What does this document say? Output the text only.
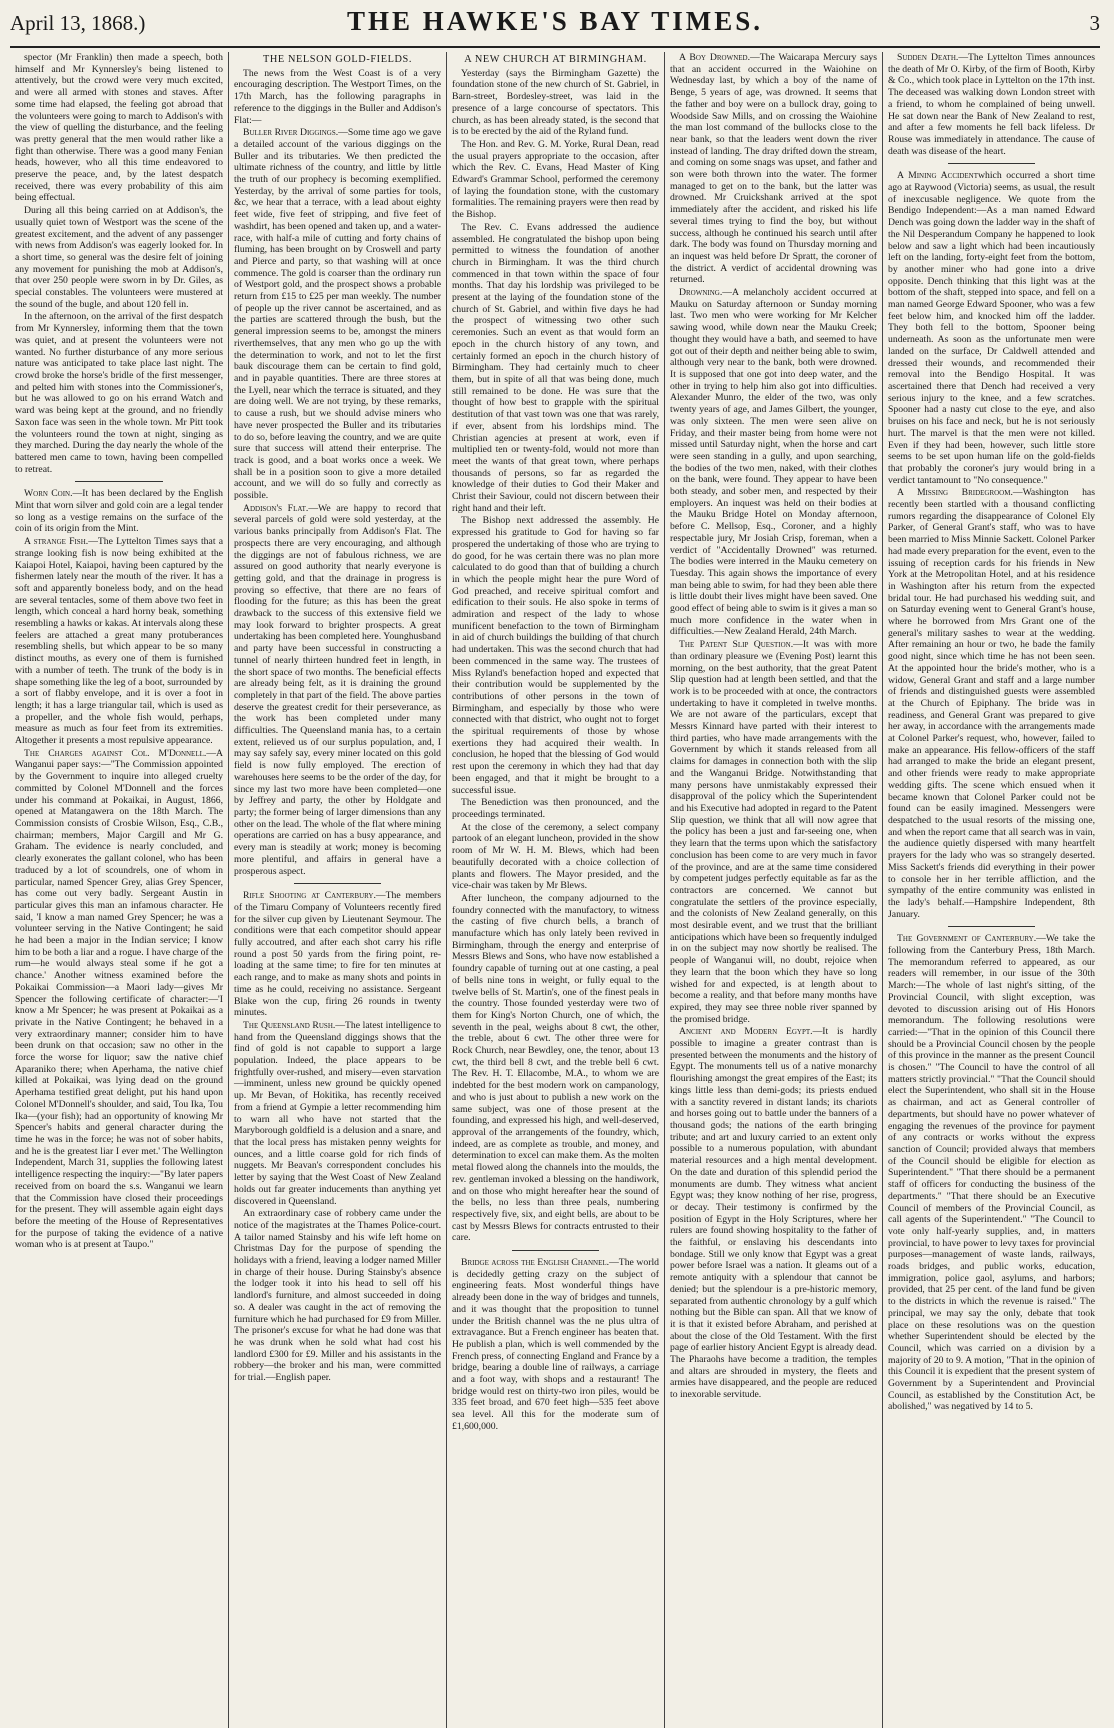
April 13, 1868.)	THE HAWKE'S BAY TIMES.	3

spector (Mr Franklin) then made a speech, both himself and Mr Kynnersley's being listened to attentively, but the crowd were very much excited, and were all armed with stones and staves. After some time had elapsed, the feeling got abroad that the volunteers were going to march to Addison's with the view of quelling the disturbance, and the feeling was pretty general that the men would rather like a fight than otherwise. There was a good many Fenian heads, however, who all this time endeavored to preserve the peace, and, by the latest despatch received, there was every probability of this aim being effectual.

During all this being carried on at Addison's, the usually quiet town of Westport was the scene of the greatest excitement, and the advent of any passenger with news from Addison's was eagerly looked for. In a short time, so general was the desire felt of joining any movement for punishing the mob at Addison's, that over 250 people were sworn in by Dr. Giles, as special constables. The volunteers were mustered at the sound of the bugle, and about 120 fell in.

In the afternoon, on the arrival of the first despatch from Mr Kynnersley, informing them that the town was quiet, and at present the volunteers were not wanted. No further disturbance of any more serious nature was anticipated to take place last night. The crowd broke the horse's bridle of the first messenger, and pelted him with stones into the Commissioner's, but he was allowed to go on his errand Watch and ward was being kept at the ground, and no friendly Saxon face was seen in the whole town. Mr Pitt took the volunteers round the town at night, singing as they marched. During the day nearly the whole of the battered men came to town, having been compelled to retreat.

Worn Coin.—It has been declared by the English Mint that worn silver and gold coin are a legal tender so long as a vestige remains on the surface of the coin of its origin from the Mint.

A strange Fish.—The Lyttelton Times says that a strange looking fish is now being exhibited at the Kaiapoi Hotel, Kaiapoi, having been captured by the fishermen lately near the mouth of the river. It has a soft and apparently boneless body, and on the head are several tentacles, some of them above two feet in length, which conceal a hard horny beak, something resembling a hawks or kakas. At intervals along these feelers are attached a great many protuberances resembling shells, but which appear to be so many distinct mouths, as every one of them is furnished with a number of teeth. The trunk of the body is in shape something like the leg of a boot, surrounded by a sort of flabby envelope, and it is over a foot in length; it has a large triangular tail, which is used as a propeller, and the whole fish would, perhaps, measure as much as four feet from its extremities. Altogether it presents a most repulsive appearance.

The Charges against Col. M'Donnell.—A Wanganui paper says:—"The Commission appointed by the Government to inquire into alleged cruelty committed by Colonel M'Donnell and the forces under his command at Pokaikai, in August, 1866, opened at Matangawera on the 18th March. The Commission consists of Crosbie Wilson, Esq., C.B., chairman; members, Major Cargill and Mr G. Graham. The evidence is nearly concluded, and clearly exonerates the gallant colonel, who has been traduced by a lot of scoundrels, one of whom in particular, named Spencer Grey, alias Grey Spencer, has come out very badly. Sergeant Austin in particular gives this man an infamous character. He said, 'I know a man named Grey Spencer; he was a volunteer serving in the Native Contingent; he said he had been a major in the Indian service; I know him to be both a liar and a rogue. I have charge of the rum—he would always steal some if he got a chance.' Another witness examined before the Pokaikai Commission—a Maori lady—gives Mr Spencer the following certificate of character:—'I know a Mr Spencer; he was present at Pokaikai as a private in the Native Contingent; he behaved in a very extraordinary manner; consider him to have been drunk on that occasion; saw no other in the force the worse for liquor; saw the native chief Aparaniko there; when Aperhama, the native chief killed at Pokaikai, was lying dead on the ground Aperhama testified great delight, put his hand upon Colonel M'Donnell's shoulder, and said, Tou Ika, Tou Ika—(your fish); had an opportunity of knowing Mr Spencer's habits and general character during the time he was in the force; he was not of sober habits, and he is the greatest liar I ever met.' The Wellington Independent, March 31, supplies the following latest intelligence respecting the inquiry:—"By later papers received from on board the s.s. Wanganui we learn that the Commission have closed their proceedings for the present. They will assemble again eight days before the meeting of the House of Representatives for the purpose of taking the evidence of a native woman who is at present at Taupo."

THE NELSON GOLD-FIELDS.

The news from the West Coast is of a very encouraging description. The Westport Times, on the 17th March, has the following paragraphs in reference to the diggings in the Buller and Addison's Flat:—

Buller River Diggings.—Some time ago we gave a detailed account of the various diggings on the Buller and its tributaries. We then predicted the ultimate richness of the country, and little by little the truth of our prophecy is becoming exemplified. Yesterday, by the arrival of some parties for tools, &c, we hear that a terrace, with a lead about eighty feet wide, five feet of stripping, and five feet of washdirt, has been opened and taken up, and a water-race, with half-a mile of cutting and forty chains of fluming, has been brought on by Croswell and party and Pierce and party, so that washing will at once commence. The gold is coarser than the ordinary run of Westport gold, and the prospect shows a probable return from £15 to £25 per man weekly. The number of people up the river cannot be ascertained, and as the parties are scattered through the bush, but the general impression seems to be, amongst the miners riverthemselves, that any men who go up the with the determination to work, and not to let the first bauk discourage them can be certain to find gold, and in payable quantities. There are three stores at the Lyell, near which the terrace is situated, and they are doing well. We are not trying, by these remarks, to cause a rush, but we should advise miners who have never prospected the Buller and its tributaries to do so, before leaving the country, and we are quite sure that success will attend their enterprise. The track is good, and a boat works once a week. We shall be in a position soon to give a more detailed account, and we will do so fully and correctly as possible.

Addison's Flat.—We are happy to record that several parcels of gold were sold yesterday, at the various banks principally from Addison's Flat. The prospects there are very encouraging, and although the diggings are not of fabulous richness, we are assured on good authority that nearly everyone is getting gold, and that the drainage in progress is proving so effective, that there are no fears of flooding for the future; as this has been the great drawback to the success of this extensive field we may look forward to brighter prospects. A great undertaking has been completed here. Younghusband and party have been successful in constructing a tunnel of nearly thirteen hundred feet in length, in the short space of two months. The beneficial effects are already being felt, as it is draining the ground completely in that part of the field. The above parties deserve the greatest credit for their perseverance, as the work has been completed under many difficulties. The Queensland mania has, to a certain extent, relieved us of our surplus population, and, I may say safely say, every miner located on this gold field is now fully employed. The erection of warehouses here seems to be the order of the day, for since my last two more have been completed—one by Jeffrey and party, the other by Holdgate and party; the former being of larger dimensions than any other on the lead. The whole of the flat where mining operations are carried on has a busy appearance, and every man is steadily at work; money is becoming more plentiful, and affairs in general have a prosperous aspect.

Rifle Shooting at Canterbury.—The members of the Timaru Company of Volunteers recently fired for the silver cup given by Lieutenant Seymour. The conditions were that each competitor should appear fully accoutred, and after each shot carry his rifle round a post 50 yards from the firing point, re-loading at the same time; to fire for ten minutes at each range, and to make as many shots and points in time as he could, receiving no assistance. Sergeant Blake won the cup, firing 26 rounds in twenty minutes.

The Queensland Rush.—The latest intelligence to hand from the Queensland diggings shows that the find of gold is not capable to support a large population. Indeed, the place appears to be frightfully over-rushed, and misery—even starvation—imminent, unless new ground be quickly opened up. Mr Bevan, of Hokitika, has recently received from a friend at Gympie a letter recommending him to warn all who have not started that the Maryborough goldfield is a delusion and a snare, and that the local press has mistaken penny weights for ounces, and a little coarse gold for rich finds of nuggets. Mr Beavan's correspondent concludes his letter by saying that the West Coast of New Zealand holds out far greater inducements than anything yet discovered in Queensland.

An extraordinary case of robbery came under the notice of the magistrates at the Thames Police-court. A tailor named Stainsby and his wife left home on Christmas Day for the purpose of spending the holidays with a friend, leaving a lodger named Miller in charge of their house. During Stainsby's absence the lodger took it into his head to sell off his landlord's furniture, and almost succeeded in doing so. A dealer was caught in the act of removing the furniture which he had purchased for £9 from Miller. The prisoner's excuse for what he had done was that he was drunk when he sold what had cost his landlord £300 for £9. Miller and his assistants in the robbery—the broker and his man, were committed for trial.—English paper.

A NEW CHURCH AT BIRMINGHAM.

Yesterday (says the Birmingham Gazette) the foundation stone of the new church of St. Gabriel, in Barn-street, Bordesley-street, was laid in the presence of a large concourse of spectators. This church, as has been already stated, is the second that is to be erected by the aid of the Ryland fund.

The Hon. and Rev. G. M. Yorke, Rural Dean, read the usual prayers appropriate to the occasion, after which the Rev. C. Evans, Head Master of King Edward's Grammar School, performed the ceremony of laying the foundation stone, with the customary formalities. The remaining prayers were then read by the Bishop.

The Rev. C. Evans addressed the audience assembled. He congratulated the bishop upon being permitted to witness the foundation of another church in Birmingham. It was the third church commenced in that town within the space of four months. That day his lordship was privileged to be present at the laying of the foundation stone of the church of St. Gabriel, and within five days he had the prospect of witnessing two other such ceremonies. Such an event as that would form an epoch in the church history of any town, and certainly formed an epoch in the church history of Birmingham. They had certainly much to cheer them, but in spite of all that was being done, much still remained to be done. He was sure that the thought of how best to grapple with the spiritual destitution of that vast town was one that was rarely, if ever, absent from his lordships mind. The Christian agencies at present at work, even if multiplied ten or twenty-fold, would not more than meet the wants of that great town, where perhaps thousands of persons, so far as regarded the knowledge of their duties to God their Maker and Christ their Saviour, could not discern between their right hand and their left.

The Bishop next addressed the assembly. He expressed his gratitude to God for having so far prospered the undertaking of those who are trying to do good, for he was certain there was no plan more calculated to do good than that of building a church in which the people might hear the pure Word of God preached, and receive spiritual comfort and edification to their souls. He also spoke in terms of admiration and respect of the lady to whose munificent benefaction to the town of Birmingham in aid of church buildings the building of that church had undertaken. This was the second church that had been commenced in the same way. The trustees of Miss Ryland's benefaction hoped and expected that their contribution would be supplemented by the contributions of other persons in the town of Birmingham, and especially by those who were connected with that district, who ought not to forget the spiritual requirements of those by whose exertions they had acquired their wealth. In conclusion, he hoped that the blessing of God would rest upon the ceremony in which they had that day been engaged, and that it might be brought to a successful issue.

The Benediction was then pronounced, and the proceedings terminated.

At the close of the ceremony, a select company partook of an elegant luncheon, provided in the show room of Mr W. H. M. Blews, which had been beautifully decorated with a choice collection of plants and flowers. The Mayor presided, and the vice-chair was taken by Mr Blews.

After luncheon, the company adjourned to the foundry connected with the manufactory, to witness the casting of five church bells, a branch of manufacture which has only lately been revived in Birmingham, through the energy and enterprise of Messrs Blews and Sons, who have now established a foundry capable of turning out at one casting, a peal of bells nine tons in weight, or fully equal to the twelve bells of St. Martin's, one of the finest peals in the country. Those founded yesterday were two of them for King's Norton Church, one of which, the seventh in the peal, weighs about 8 cwt, the other, the treble, about 6 cwt. The other three were for Rock Church, near Bewdley, one, the tenor, about 13 cwt, the third bell 8 cwt, and the treble bell 6 cwt. The Rev. H. T. Ellacombe, M.A., to whom we are indebted for the best modern work on campanology, and who is just about to publish a new work on the same subject, was one of those present at the founding, and expressed his high, and well-deserved, approval of the arrangements of the foundry, which, indeed, are as complete as trouble, and money, and determination to excel can make them. As the molten metal flowed along the channels into the moulds, the rev. gentleman invoked a blessing on the handiwork, and on those who might hereafter hear the sound of the bells, no less than three peals, numbering respectively five, six, and eight bells, are about to be cast by Messrs Blews for contracts entrusted to their care.

Bridge across the English Channel.—The world is decidedly getting crazy on the subject of engineering feats. Most wonderful things have already been done in the way of bridges and tunnels, and it was thought that the proposition to tunnel under the British channel was the ne plus ultra of extravagance. But a French engineer has beaten that. He publish a plan, which is well commended by the French press, of connecting England and France by a bridge, bearing a double line of railways, a carriage and a foot way, with shops and a restaurant! The bridge would rest on thirty-two iron piles, would be 335 feet broad, and 670 feet high—535 feet above sea level. All this for the moderate sum of £1,600,000.

A Boy Drowned.—The Waicarapa Mercury says that an accident occurred in the Waiohine on Wednesday last, by which a boy of the name of Benge, 5 years of age, was drowned. It seems that the father and boy were on a bullock dray, going to Woodside Saw Mills, and on crossing the Waiohine the man lost command of the bullocks close to the near bank, so that the leaders went down the river instead of landing. The dray drifted down the stream, and coming on some snags was upset, and father and son were both thrown into the water. The former managed to get on to the bank, but the latter was drowned. Mr Cruickshank arrived at the spot immediately after the accident, and risked his life several times trying to find the boy, but without success, although he continued his search until after dark. The body was found on Thursday morning and an inquest was held before Dr Spratt, the coroner of the district. A verdict of accidental drowning was returned.

Drowning.—A melancholy accident occurred at Mauku on Saturday afternoon or Sunday morning last. Two men who were working for Mr Kelcher sawing wood, while down near the Mauku Creek; thought they would have a bath, and seemed to have got out of their depth and neither being able to swim, although very near to the bank, both were drowned. It is supposed that one got into deep water, and the other in trying to help him also got into difficulties. Alexander Munro, the elder of the two, was only twenty years of age, and James Gilbert, the younger, was only sixteen. The men were seen alive on Friday, and their master being from home were not missed until Saturday night, when the horse and cart were seen standing in a gully, and upon searching, the bodies of the two men, naked, with their clothes on the bank, were found. They appear to have been both steady, and sober men, and respected by their employers. An inquest was held on their bodies at the Mauku Bridge Hotel on Monday afternoon, before C. Mellsop, Esq., Coroner, and a highly respectable jury, Mr Josiah Crisp, foreman, when a verdict of "Accidentally Drowned" was returned. The bodies were interred in the Mauku cemetery on Tuesday. This again shows the importance of every man being able to swim, for had they been able there is little doubt their lives might have been saved. One good effect of being able to swim is it gives a man so much more confidence in the water when in difficulties.—New Zealand Herald, 24th March.

The Patent Slip Question.—It was with more than ordinary pleasure we (Evening Post) learnt this morning, on the best authority, that the great Patent Slip question had at length been settled, and that the work is to be proceeded with at once, the contractors undertaking to have it completed in twelve months. We are not aware of the particulars, except that Messrs Kinnard have parted with their interest to third parties, who have made arrangements with the Government by which it stands released from all claims for damages in connection both with the slip and the Wanganui Bridge. Notwithstanding that many persons have unmistakably expressed their disapproval of the policy which the Superintendent and his Executive had adopted in regard to the Patent Slip question, we think that all will now agree that the policy has been a just and far-seeing one, when they learn that the terms upon which the satisfactory conclusion has been come to are very much in favor of the province, and are at the same time considered by competent judges perfectly equitable as far as the contractors are concerned. We cannot but congratulate the settlers of the province especially, and the colonists of New Zealand generally, on this most desirable event, and we trust that the brilliant anticipations which have been so frequently indulged in on the subject may now shortly be realised. The people of Wanganui will, no doubt, rejoice when they learn that the boon which they have so long wished for and expected, is at length about to become a reality, and that before many months have expired, they may see three noble river spanned by the promised bridge.

Ancient and Modern Egypt.—It is hardly possible to imagine a greater contrast than is presented between the monuments and the history of Egypt. The monuments tell us of a native monarchy flourishing amongst the great empires of the East; its kings little less than demi-gods; its priests endued with a sanctity revered in distant lands; its chariots and horses going out to battle under the banners of a thousand gods; the nations of the earth bringing tribute; and art and luxury carried to an extent only possible to a numerous population, with abundant material resources and a high mental development. On the date and duration of this splendid period the monuments are dumb. They witness what ancient Egypt was; they know nothing of her rise, progress, or decay. Their testimony is confirmed by the position of Egypt in the Holy Scriptures, where her rulers are found showing hospitality to the father of the faithful, or enslaving his descendants into bondage. Still we only know that Egypt was a great power before Israel was a nation. It gleams out of a remote antiquity with a splendour that cannot be denied; but the splendour is a pre-historic memory, separated from authentic chronology by a gulf which nothing but the Bible can span. All that we know of it is that it existed before Abraham, and perished at about the close of the Old Testament. With the first page of earlier history Ancient Egypt is already dead. The Pharaohs have become a tradition, the temples and altars are shrouded in mystery, the fleets and armies have disappeared, and the people are reduced to inexorable servitude.

Sudden Death.—The Lyttelton Times announces the death of Mr O. Kirby, of the firm of Booth, Kirby & Co., which took place in Lyttelton on the 17th inst. The deceased was walking down London street with a friend, to whom he complained of being unwell. He sat down near the Bank of New Zealand to rest, and after a few moments he fell back lifeless. Dr Rouse was immediately in attendance. The cause of death was disease of the heart.

A Mining Accidentwhich occurred a short time ago at Raywood (Victoria) seems, as usual, the result of inexcusable negligence. We quote from the Bendigo Independent:—As a man named Edward Dench was going down the ladder way in the shaft of the Nil Desperandum Company he happened to look below and saw a light which had been incautiously left on the landing, forty-eight feet from the bottom, by another miner who had gone into a drive opposite. Dench thinking that this light was at the bottom of the shaft, stepped into space, and fell on a man named George Edward Spooner, who was a few feet below him, and knocked him off the ladder. They both fell to the bottom, Spooner being underneath. As soon as the unfortunate men were landed on the surface, Dr Caldwell attended and dressed their wounds, and recommended their removal into the Bendigo Hospital. It was ascertained there that Dench had received a very serious injury to the knee, and a few scratches. Spooner had a nasty cut close to the eye, and also bruises on his face and neck, but he is not seriously hurt. The marvel is that the men were not killed. Even if they had been, however, such little store seems to be set upon human life on the gold-fields that probably the coroner's jury would bring in a verdict tantamount to "No consequence."

A Missing Bridegroom.—Washington has recently been startled with a thousand conflicting rumors regarding the disappearance of Colonel Ely Parker, of General Grant's staff, who was to have been married to Miss Minnie Sackett. Colonel Parker had made every preparation for the event, even to the issuing of reception cards for his friends in New York at the Metropolitan Hotel, and at his residence in Washington after his return from the expected bridal tour. He had purchased his wedding suit, and on Saturday evening went to General Grant's house, where he borrowed from Mrs Grant one of the general's military sashes to wear at the wedding. After remaining an hour or two, he bade the family good night, since which time he has not been seen. At the appointed hour the bride's mother, who is a widow, General Grant and staff and a large number of friends and distinguished guests were assembled at the Church of Epiphany. The bride was in readiness, and General Grant was prepared to give her away, in accordance with the arrangements made at Colonel Parker's request, who, however, failed to make an appearance. His fellow-officers of the staff had arranged to make the bride an elegant present, and other friends were ready to make appropriate wedding gifts. The scene which ensued when it became known that Colonel Parker could not be found can be easily imagined. Messengers were despatched to the usual resorts of the missing one, and when the report came that all search was in vain, the audience quietly dispersed with many heartfelt prayers for the lady who was so strangely deserted. Miss Sackett's friends did everything in their power to console her in her terrible affliction, and the sympathy of the entire community was enlisted in the lady's behalf.—Hampshire Independent, 8th January.

The Government of Canterbury.—We take the following from the Canterbury Press, 18th March. The memorandum referred to appeared, as our readers will remember, in our issue of the 30th March:—The whole of last night's sitting, of the Provincial Council, with slight exception, was devoted to discussion arising out of His Honors memorandum. The following resolutions were carried:—"That in the opinion of this Council there should be a Provincial Council chosen by the people of this province in the manner as the present Council is chosen." "The Council to have the control of all matters strictly provincial." "That the Council should elect the Superintendent, who shall sit in the House as chairman, and act as General controller of departments, but should have no power whatever of engaging the revenues of the province for payment of any contracts or works without the express sanction of Council; provided always that members of the Council should be eligible for election as Superintendent." "That there should be a permanent staff of officers for conducting the business of the departments." "That there should be an Executive Council of members of the Provincial Council, as call agents of the Superintendent." "The Council to vote only half-yearly supplies, and, in matters provincial, to have power to levy taxes for provincial purposes—management of waste lands, railways, roads bridges, and public works, education, immigration, police gaol, asylums, and harbors; provided, that 25 per cent. of the land fund be given to the districts in which the revenue is raised." The principal, we may say the only, debate that took place on these resolutions was on the question whether Superintendent should be elected by the Council, which was carried on a division by a majority of 20 to 9. A motion, "That in the opinion of this Council it is expedient that the present system of Government by a Superintendent and Provincial Council, as established by the Constitution Act, be abolished," was negatived by 14 to 5.
